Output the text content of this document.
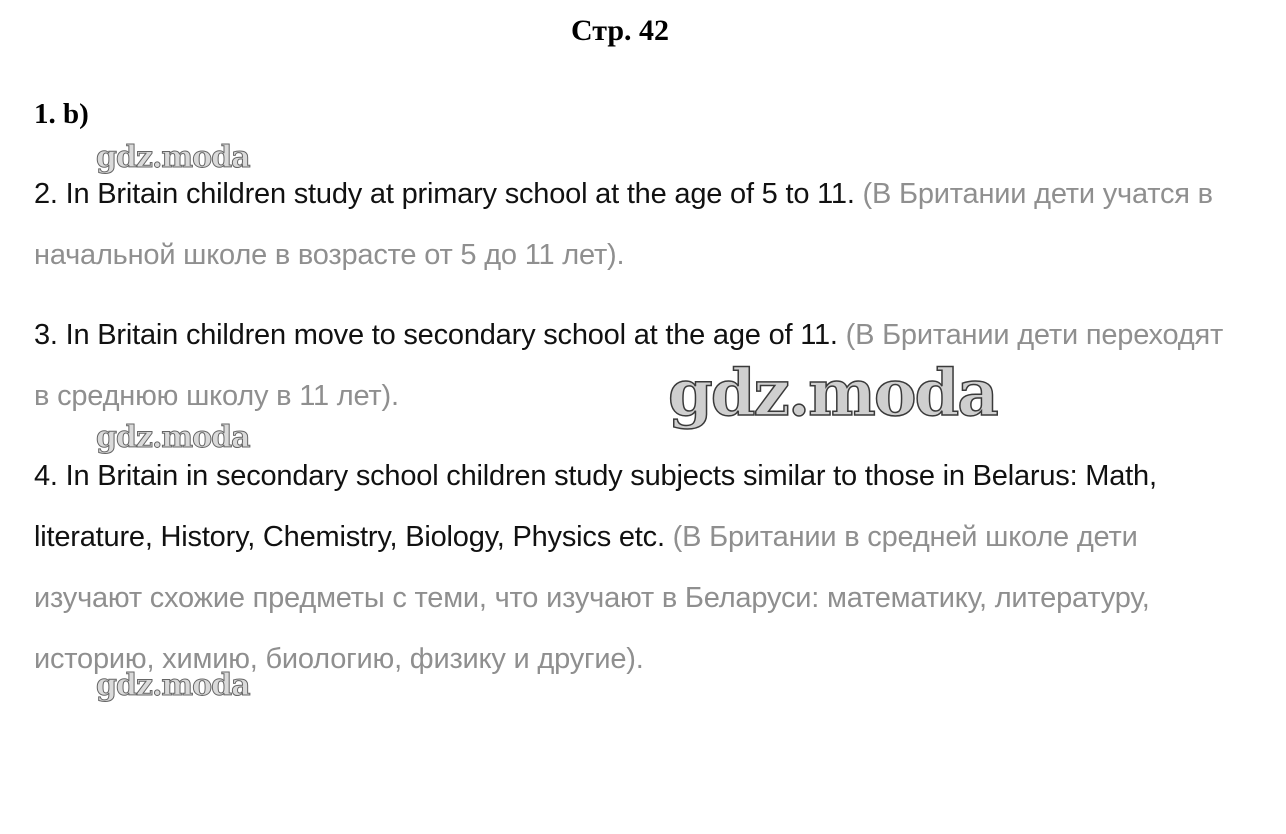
Стр. 42
1. b)
2. In Britain children study at primary school at the age of 5 to 11. (В Британии дети учатся в начальной школе в возрасте от 5 до 11 лет).
3. In Britain children move to secondary school at the age of 11. (В Британии дети переходят в среднюю школу в 11 лет).
4. In Britain in secondary school children study subjects similar to those in Belarus: Math, literature, History, Chemistry, Biology, Physics etc. (В Британии в средней школе дети изучают схожие предметы с теми, что изучают в Беларуси: математику, литературу, историю, химию, биологию, физику и другие).
gdz.moda
gdz.moda
gdz.moda
gdz.moda
